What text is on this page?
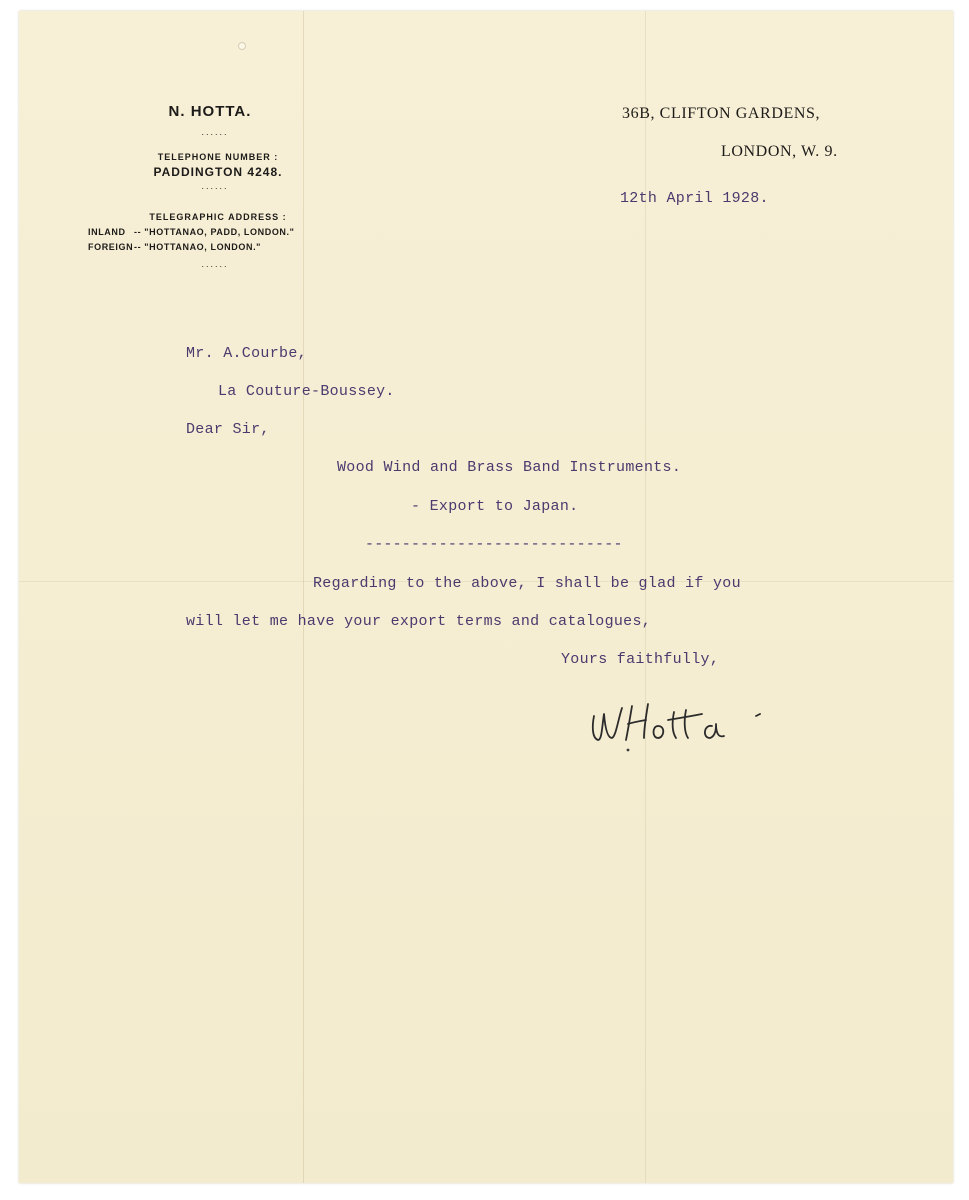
N. HOTTA.
......
TELEPHONE NUMBER :
PADDINGTON 4248.
......
TELEGRAPHIC ADDRESS :
INLAND -- "HOTTANAO, PADD, LONDON."
FOREIGN-- "HOTTANAO, LONDON."
......
36B, CLIFTON GARDENS,
LONDON, W. 9.
12th April 1928.
Mr. A.Courbe,
La Couture-Boussey.
Dear Sir,
Wood Wind and Brass Band Instruments.
- Export to Japan.
----------------------------
Regarding to the above, I shall be glad if you
will let me have your export terms and catalogues,
Yours faithfully,
